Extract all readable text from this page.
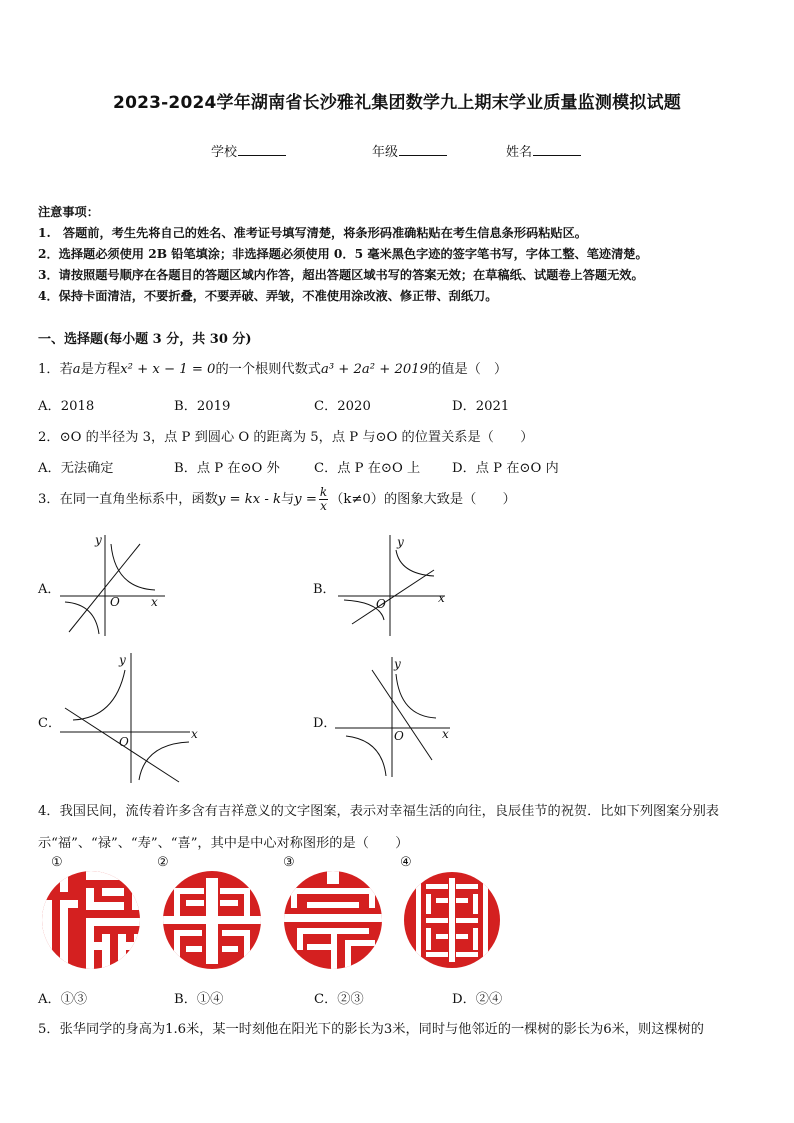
2023-2024学年湖南省长沙雅礼集团数学九上期末学业质量监测模拟试题
学校	年级	姓名
注意事项：
1.　答题前，考生先将自己的姓名、准考证号填写清楚，将条形码准确粘贴在考生信息条形码粘贴区。
2．选择题必须使用 2B 铅笔填涂；非选择题必须使用 0．5 毫米黑色字迹的签字笔书写，字体工整、笔迹清楚。
3．请按照题号顺序在各题目的答题区域内作答，超出答题区域书写的答案无效；在草稿纸、试题卷上答题无效。
4．保持卡面清洁，不要折叠，不要弄破、弄皱，不准使用涂改液、修正带、刮纸刀。
一、选择题(每小题 3 分，共 30 分)
1．若a是方程x² + x − 1 = 0的一个根则代数式a³ + 2a² + 2019的值是（　）
A．2018	B．2019	C．2020	D．2021
2．⊙O 的半径为 3，点 P 到圆心 O 的距离为 5，点 P 与⊙O 的位置关系是（　　）
A．无法确定	B．点 P 在⊙O 外	C．点 P 在⊙O 上 D．点 P 在⊙O 内
3．在同一直角坐标系中，函数y = kx - k与$y = \frac{k}{x} (k\ne 0)$的图象大致是（　　）
A．
y
x
O
B．
y
x
O
C．
y
x
O
D．
y
x
O
4．我国民间，流传着许多含有吉祥意义的文字图案，表示对幸福生活的向往，良辰佳节的祝贺．比如下列图案分别表
示“福”、“禄”、“寿”、“喜”，其中是中心对称图形的是（　　）
①	②	③	④
A．①③	B．①④	C．②③	D．②④
5．张华同学的身高为1.6米，某一时刻他在阳光下的影长为3米，同时与他邻近的一棵树的影长为6米，则这棵树的
